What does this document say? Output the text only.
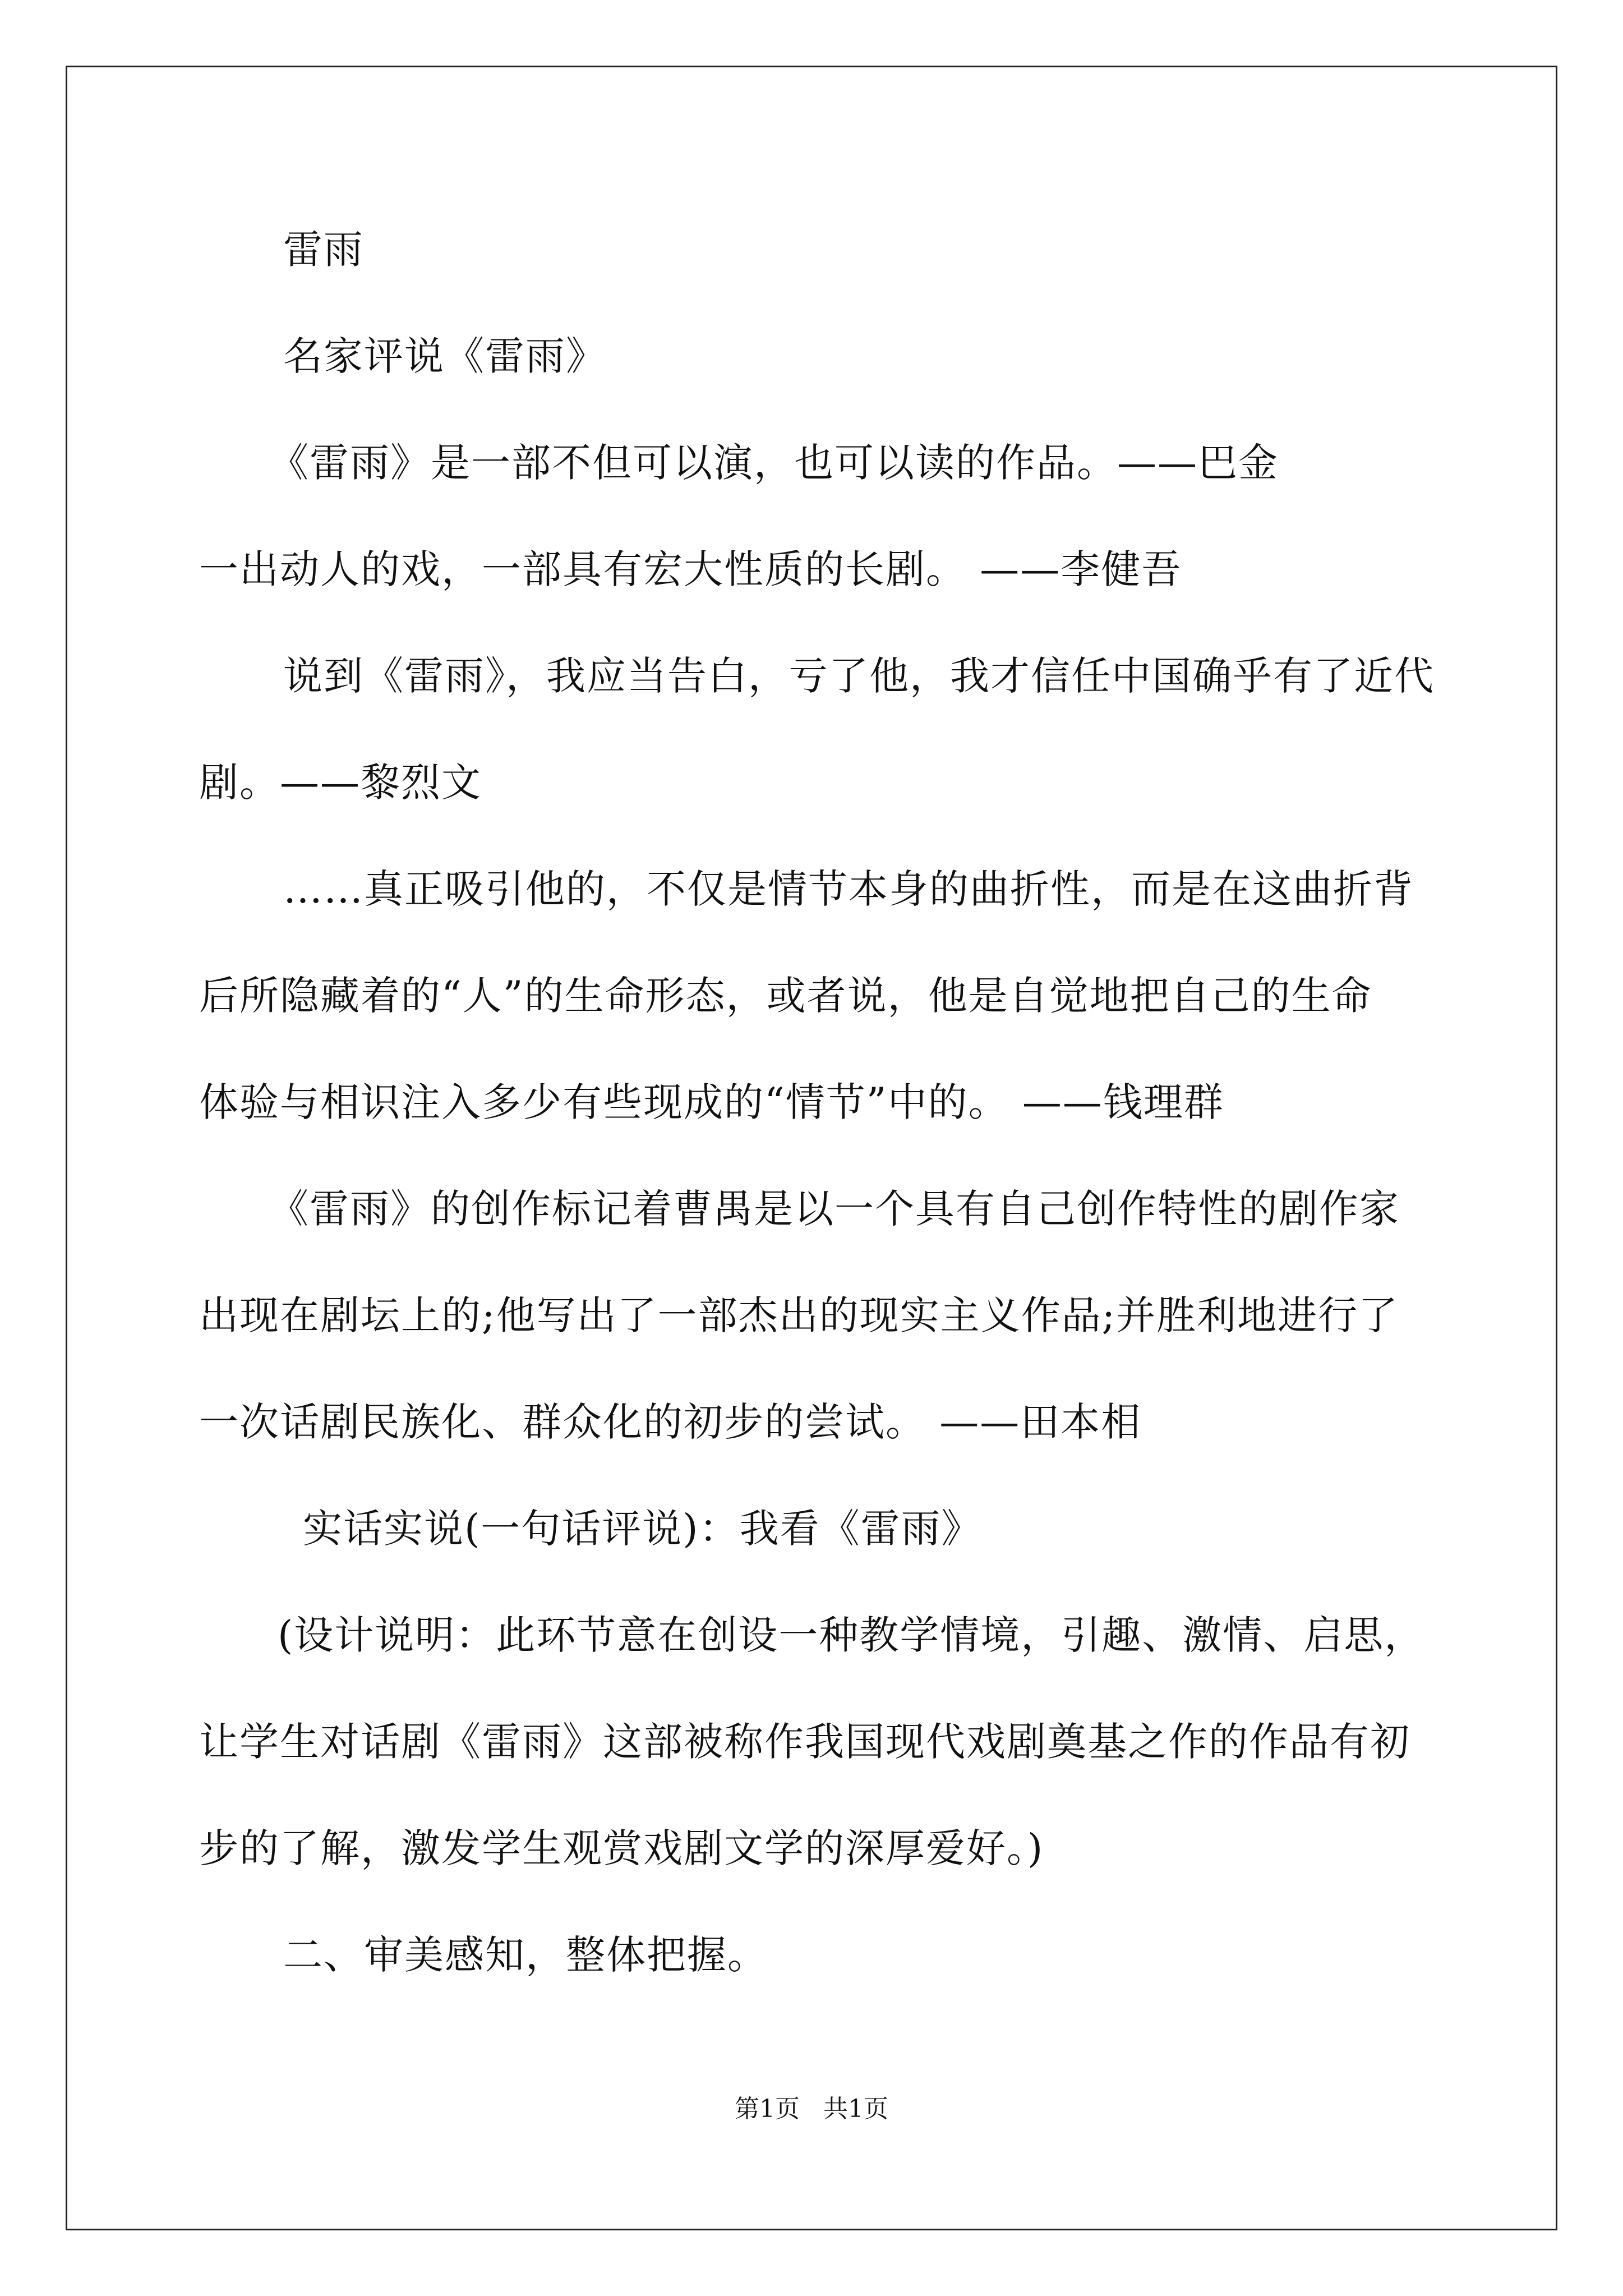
雷雨
名家评说《雷雨》
《雷雨》是一部不但可以演，也可以读的作品。——巴金
一出动人的戏，一部具有宏大性质的长剧。 ——李健吾
说到《雷雨》，我应当告白，亏了他，我才信任中国确乎有了近代
剧。——黎烈文
……真正吸引他的，不仅是情节本身的曲折性，而是在这曲折背
后所隐藏着的“人”的生命形态，或者说，他是自觉地把自己的生命
体验与相识注入多少有些现成的“情节”中的。 ——钱理群
《雷雨》的创作标记着曹禺是以一个具有自己创作特性的剧作家
出现在剧坛上的;他写出了一部杰出的现实主义作品;并胜利地进行了
一次话剧民族化、群众化的初步的尝试。 ——田本相
实话实说(一句话评说)：我看《雷雨》
(设计说明：此环节意在创设一种教学情境，引趣、激情、启思，
让学生对话剧《雷雨》这部被称作我国现代戏剧奠基之作的作品有初
步的了解，激发学生观赏戏剧文学的深厚爱好。)
二、审美感知，整体把握。
第1页 共1页
